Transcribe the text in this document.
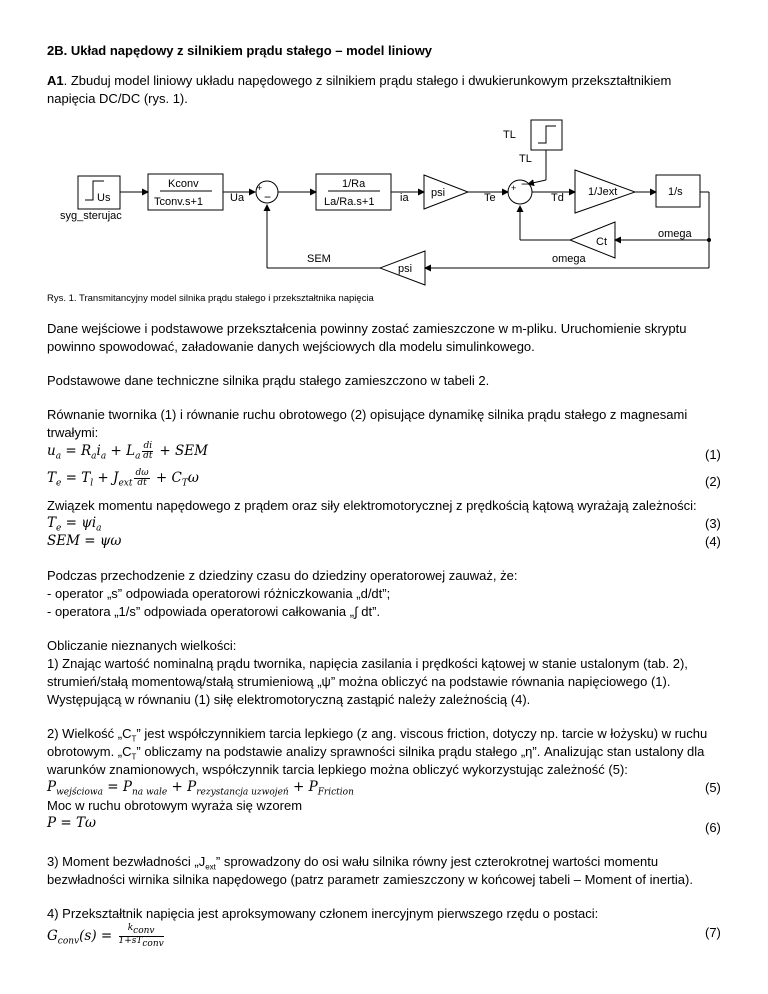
2B. Układ napędowy z silnikiem prądu stałego – model liniowy
A1. Zbuduj model liniowy układu napędowego z silnikiem prądu stałego i dwukierunkowym przekształtnikiem
napięcia DC/DC (rys. 1).
Us
syg_sterujac
Kconv
Tconv.s+1 Ua
+
−
1/Ra
La/Ra.s+1 ia psi	Te
+ −
Td 1/Jext	1/s
TL
TL
omega
Ct
omega
SEM
psi
Rys. 1. Transmitancyjny model silnika prądu stałego i przekształtnika napięcia
Dane wejściowe i podstawowe przekształcenia powinny zostać zamieszczone w m-pliku. Uruchomienie skryptu
powinno spowodować, załadowanie danych wejściowych dla modelu simulinkowego.
Podstawowe dane techniczne silnika prądu stałego zamieszczono w tabeli 2.
Równanie twornika (1) i równanie ruchu obrotowego (2) opisujące dynamikę silnika prądu stałego z magnesami
trwałymi:
$u_a = R_ai_a + L_a \frac{di}{dt}$ + SEM	(1)
$T_e = T_l + J_{ext} \frac{d\omega}{dt} + C_T\omega$	(2)
Związek momentu napędowego z prądem oraz siły elektromotorycznej z prędkością kątową wyrażają zależności:
$T_e = \psi i_a$	(3)
SEM = ψω	(4)
Podczas przechodzenie z dziedziny czasu do dziedziny operatorowej zauważ, że:
- operator „s” odpowiada operatorowi różniczkowania „d/dt”;
- operatora „1/s” odpowiada operatorowi całkowania „∫ dt”.
Obliczanie nieznanych wielkości:
1) Znając wartość nominalną prądu twornika, napięcia zasilania i prędkości kątowej w stanie ustalonym (tab. 2),
strumień/stałą momentową/stałą strumieniową „ψ” można obliczyć na podstawie równania napięciowego (1).
Występującą w równaniu (1) siłę elektromotoryczną zastąpić należy zależnością (4).
2) Wielkość $„C_T$” jest współczynnikiem tarcia lepkiego (z ang. viscous friction, dotyczy np. tarcie w łożysku) w ruchu
obrotowym. $„C_T$” obliczamy na podstawie analizy sprawności silnika prądu stałego „η”. Analizując stan ustalony dla
warunków znamionowych, współczynnik tarcia lepkiego można obliczyć wykorzystując zależność (5):
$P_{wejściowa} = P_{na wale} + P_{rezystancja uzwojeń} + P_{Friction}$	(5)
Moc w ruchu obrotowym wyraża się wzorem
P = Tω	(6)
3) Moment bezwładności $„J_{ext}$” sprowadzony do osi wału silnika równy jest czterokrotnej wartości momentu
bezwładności wirnika silnika napędowego (patrz parametr zamieszczony w końcowej tabeli – Moment of inertia).
4) Przekształtnik napięcia jest aproksymowany członem inercyjnym pierwszego rzędu o postaci:
$G_{conv}(s) = \frac{k_{conv}}{1+sT_{conv}}$	(7)
